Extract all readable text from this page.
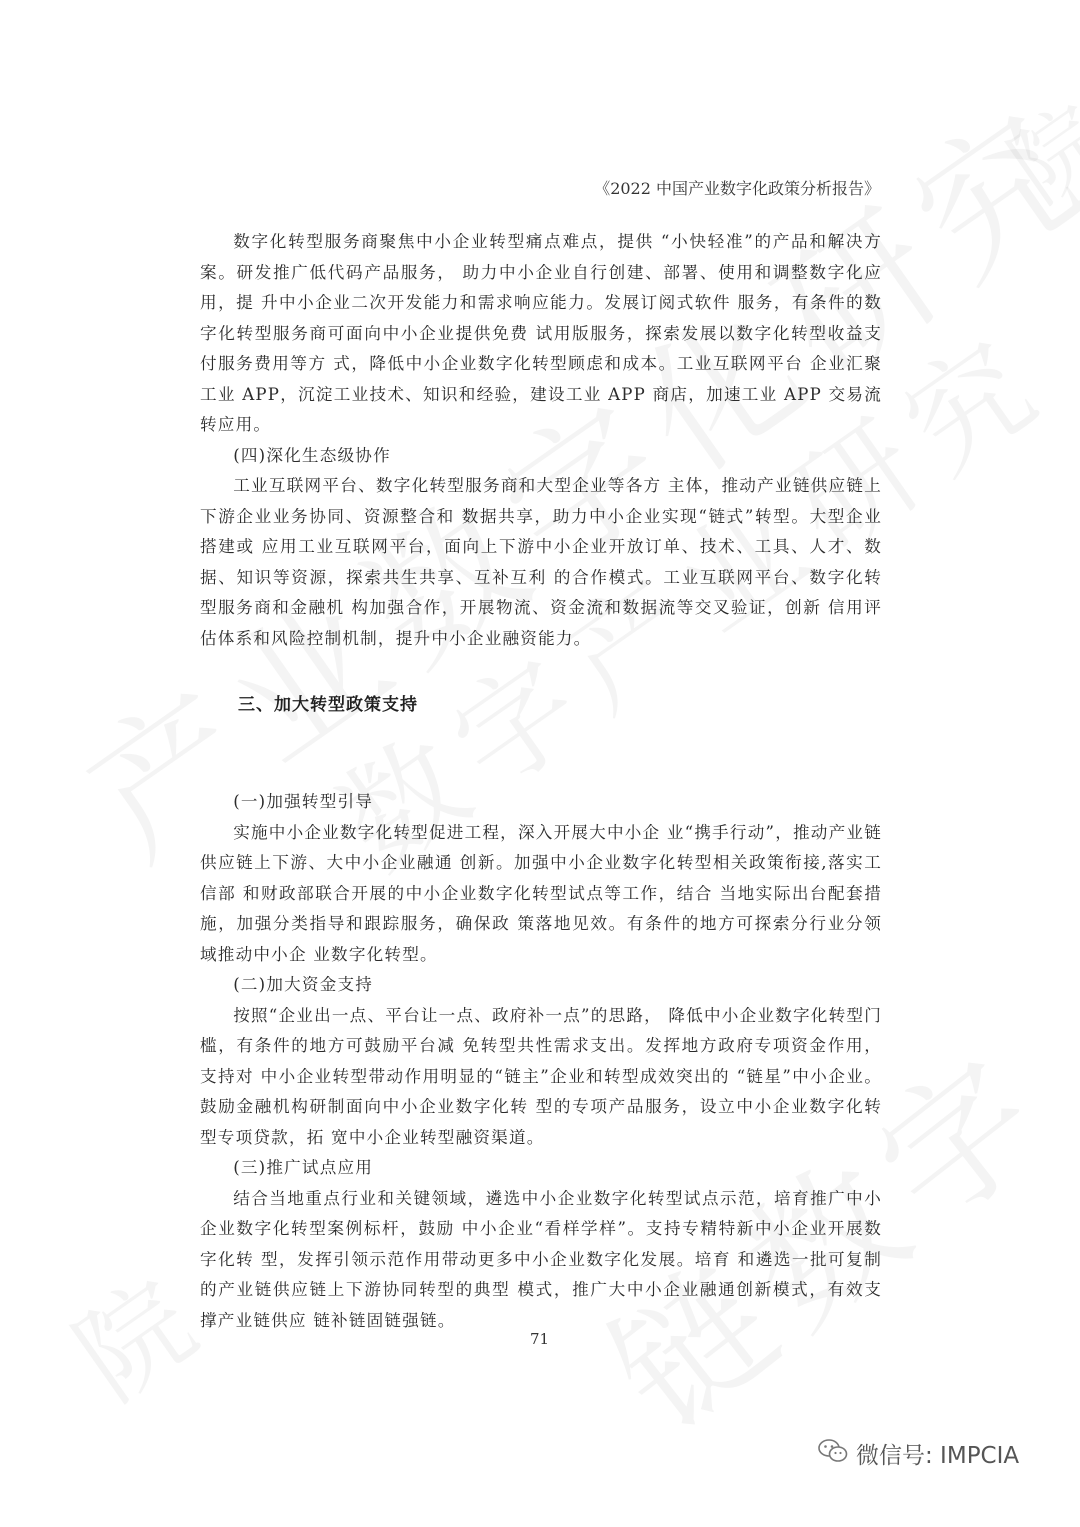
《2022 中国产业数字化政策分析报告》

数字化转型服务商聚焦中小企业转型痛点难点，提供 “小快轻准”的产品和解决方案。研发推广低代码产品服务， 助力中小企业自行创建、部署、使用和调整数字化应用，提 升中小企业二次开发能力和需求响应能力。发展订阅式软件 服务，有条件的数字化转型服务商可面向中小企业提供免费 试用版服务，探索发展以数字化转型收益支付服务费用等方 式，降低中小企业数字化转型顾虑和成本。工业互联网平台 企业汇聚工业 APP，沉淀工业技术、知识和经验，建设工业 APP 商店，加速工业 APP 交易流转应用。

(四)深化生态级协作

工业互联网平台、数字化转型服务商和大型企业等各方 主体，推动产业链供应链上下游企业业务协同、资源整合和 数据共享，助力中小企业实现“链式”转型。大型企业搭建或 应用工业互联网平台，面向上下游中小企业开放订单、技术、工具、人才、数据、知识等资源，探索共生共享、互补互利 的合作模式。工业互联网平台、数字化转型服务商和金融机 构加强合作，开展物流、资金流和数据流等交叉验证，创新 信用评估体系和风险控制机制，提升中小企业融资能力。

三、加大转型政策支持

(一)加强转型引导

实施中小企业数字化转型促进工程，深入开展大中小企 业“携手行动”，推动产业链供应链上下游、大中小企业融通 创新。加强中小企业数字化转型相关政策衔接,落实工信部 和财政部联合开展的中小企业数字化转型试点等工作，结合 当地实际出台配套措施，加强分类指导和跟踪服务，确保政 策落地见效。有条件的地方可探索分行业分领域推动中小企 业数字化转型。

(二)加大资金支持

按照“企业出一点、平台让一点、政府补一点”的思路， 降低中小企业数字化转型门槛，有条件的地方可鼓励平台减 免转型共性需求支出。发挥地方政府专项资金作用，支持对 中小企业转型带动作用明显的“链主”企业和转型成效突出的 “链星”中小企业。鼓励金融机构研制面向中小企业数字化转 型的专项产品服务，设立中小企业数字化转型专项贷款，拓 宽中小企业转型融资渠道。

(三)推广试点应用

结合当地重点行业和关键领域，遴选中小企业数字化转型试点示范，培育推广中小企业数字化转型案例标杆，鼓励 中小企业“看样学样”。支持专精特新中小企业开展数字化转 型，发挥引领示范作用带动更多中小企业数字化发展。培育 和遴选一批可复制的产业链供应链上下游协同转型的典型 模式，推广大中小企业融通创新模式，有效支撑产业链供应 链补链固链强链。

71
微信号: IMPCIA
